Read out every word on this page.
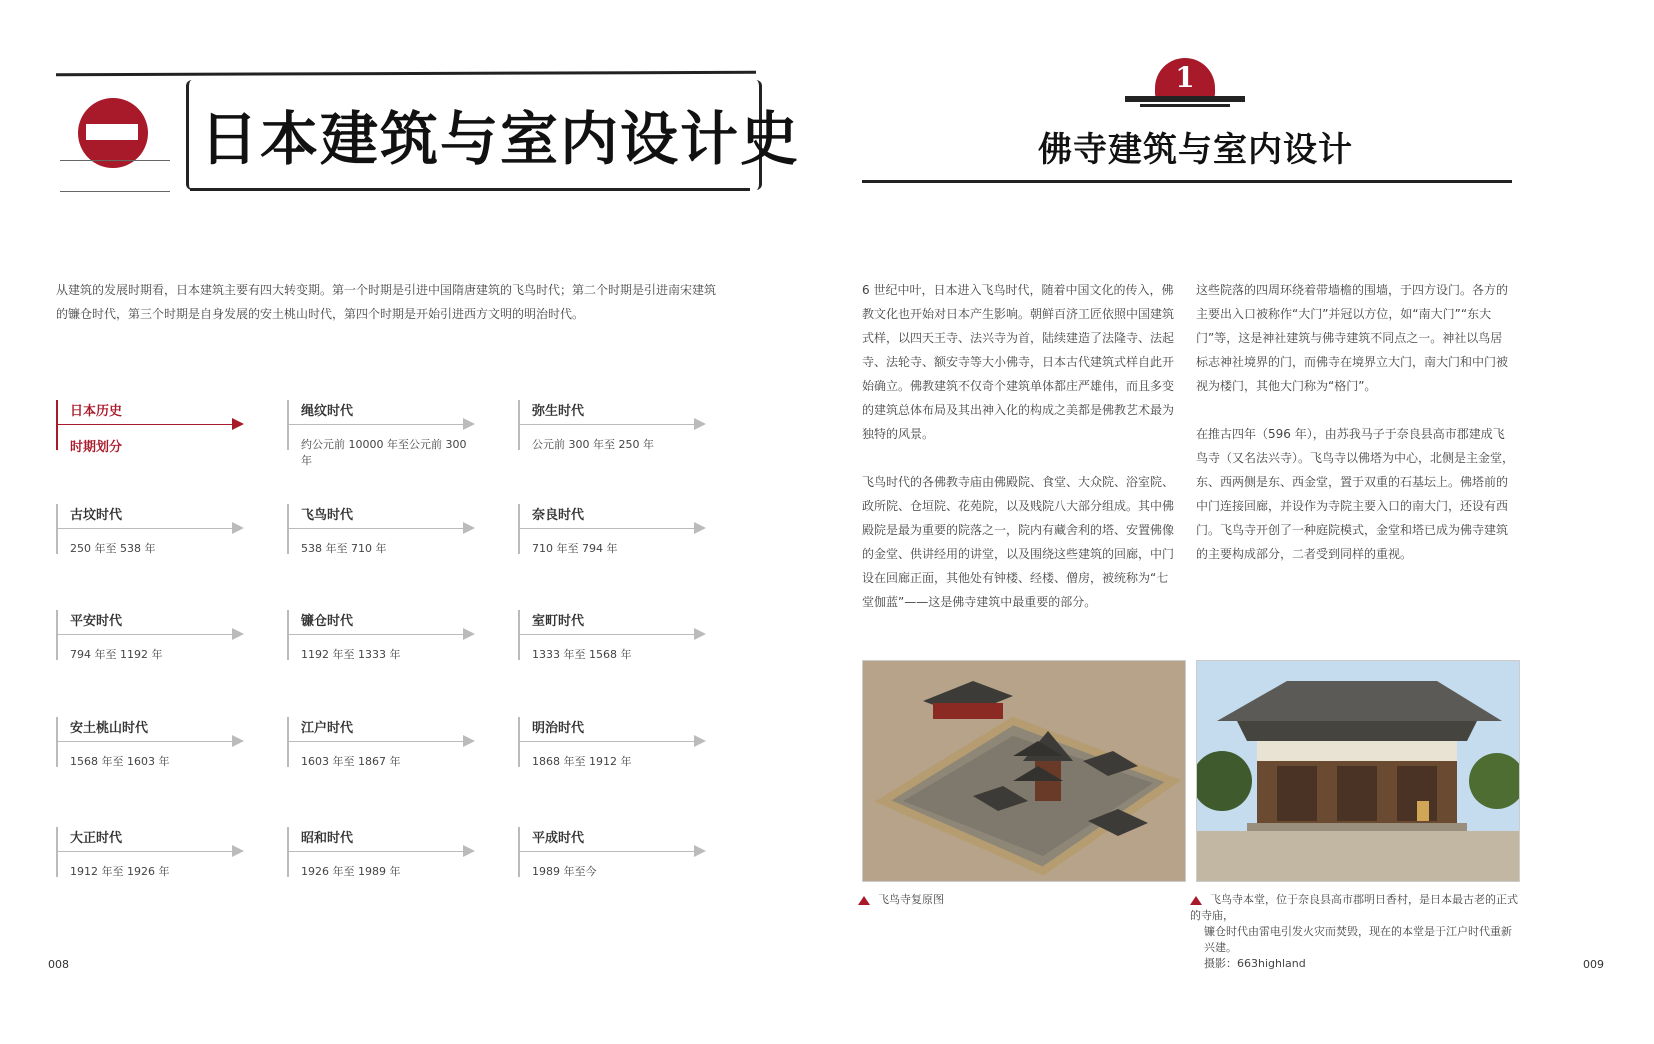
日本建筑与室内设计史
从建筑的发展时期看，日本建筑主要有四大转变期。第一个时期是引进中国隋唐建筑的飞鸟时代；第二个时期是引进南宋建筑的镰仓时代，第三个时期是自身发展的安土桃山时代，第四个时期是开始引进西方文明的明治时代。
日本历史
时期划分
绳纹时代
约公元前 10000 年至公元前 300 年
弥生时代
公元前 300 年至 250 年
古坟时代
250 年至 538 年
飞鸟时代
538 年至 710 年
奈良时代
710 年至 794 年
平安时代
794 年至 1192 年
镰仓时代
1192 年至 1333 年
室町时代
1333 年至 1568 年
安土桃山时代
1568 年至 1603 年
江户时代
1603 年至 1867 年
明治时代
1868 年至 1912 年
大正时代
1912 年至 1926 年
昭和时代
1926 年至 1989 年
平成时代
1989 年至今
008
1
佛寺建筑与室内设计
6 世纪中叶，日本进入飞鸟时代，随着中国文化的传入，佛教文化也开始对日本产生影响。朝鲜百济工匠依照中国建筑式样，以四天王寺、法兴寺为首，陆续建造了法隆寺、法起寺、法轮寺、额安寺等大小佛寺，日本古代建筑式样自此开始确立。佛教建筑不仅奇个建筑单体都庄严雄伟，而且多变的建筑总体布局及其出神入化的构成之美都是佛教艺术最为独特的风景。
飞鸟时代的各佛教寺庙由佛殿院、食堂、大众院、浴室院、政所院、仓垣院、花苑院，以及贱院八大部分组成。其中佛殿院是最为重要的院落之一，院内有藏舍利的塔、安置佛像的金堂、供讲经用的讲堂，以及围绕这些建筑的回廊，中门设在回廊正面，其他处有钟楼、经楼、僧房，被统称为“七堂伽蓝”——这是佛寺建筑中最重要的部分。
这些院落的四周环绕着带墙檐的围墙，于四方设门。各方的主要出入口被称作“大门”并冠以方位，如“南大门”“东大门”等，这是神社建筑与佛寺建筑不同点之一。神社以鸟居标志神社境界的门，而佛寺在境界立大门，南大门和中门被视为楼门，其他大门称为“格门”。
在推古四年（596 年），由苏我马子于奈良县高市郡建成飞鸟寺（又名法兴寺）。飞鸟寺以佛塔为中心，北侧是主金堂，东、西两侧是东、西金堂，置于双重的石基坛上。佛塔前的中门连接回廊，并设作为寺院主要入口的南大门，还设有西门。飞鸟寺开创了一种庭院模式，金堂和塔已成为佛寺建筑的主要构成部分，二者受到同样的重视。
飞鸟寺复原图	飞鸟寺本堂，位于奈良县高市郡明日香村，是日本最古老的正式的寺庙，
镰仓时代由雷电引发火灾而焚毁，现在的本堂是于江户时代重新兴建。
摄影：663highland	009
